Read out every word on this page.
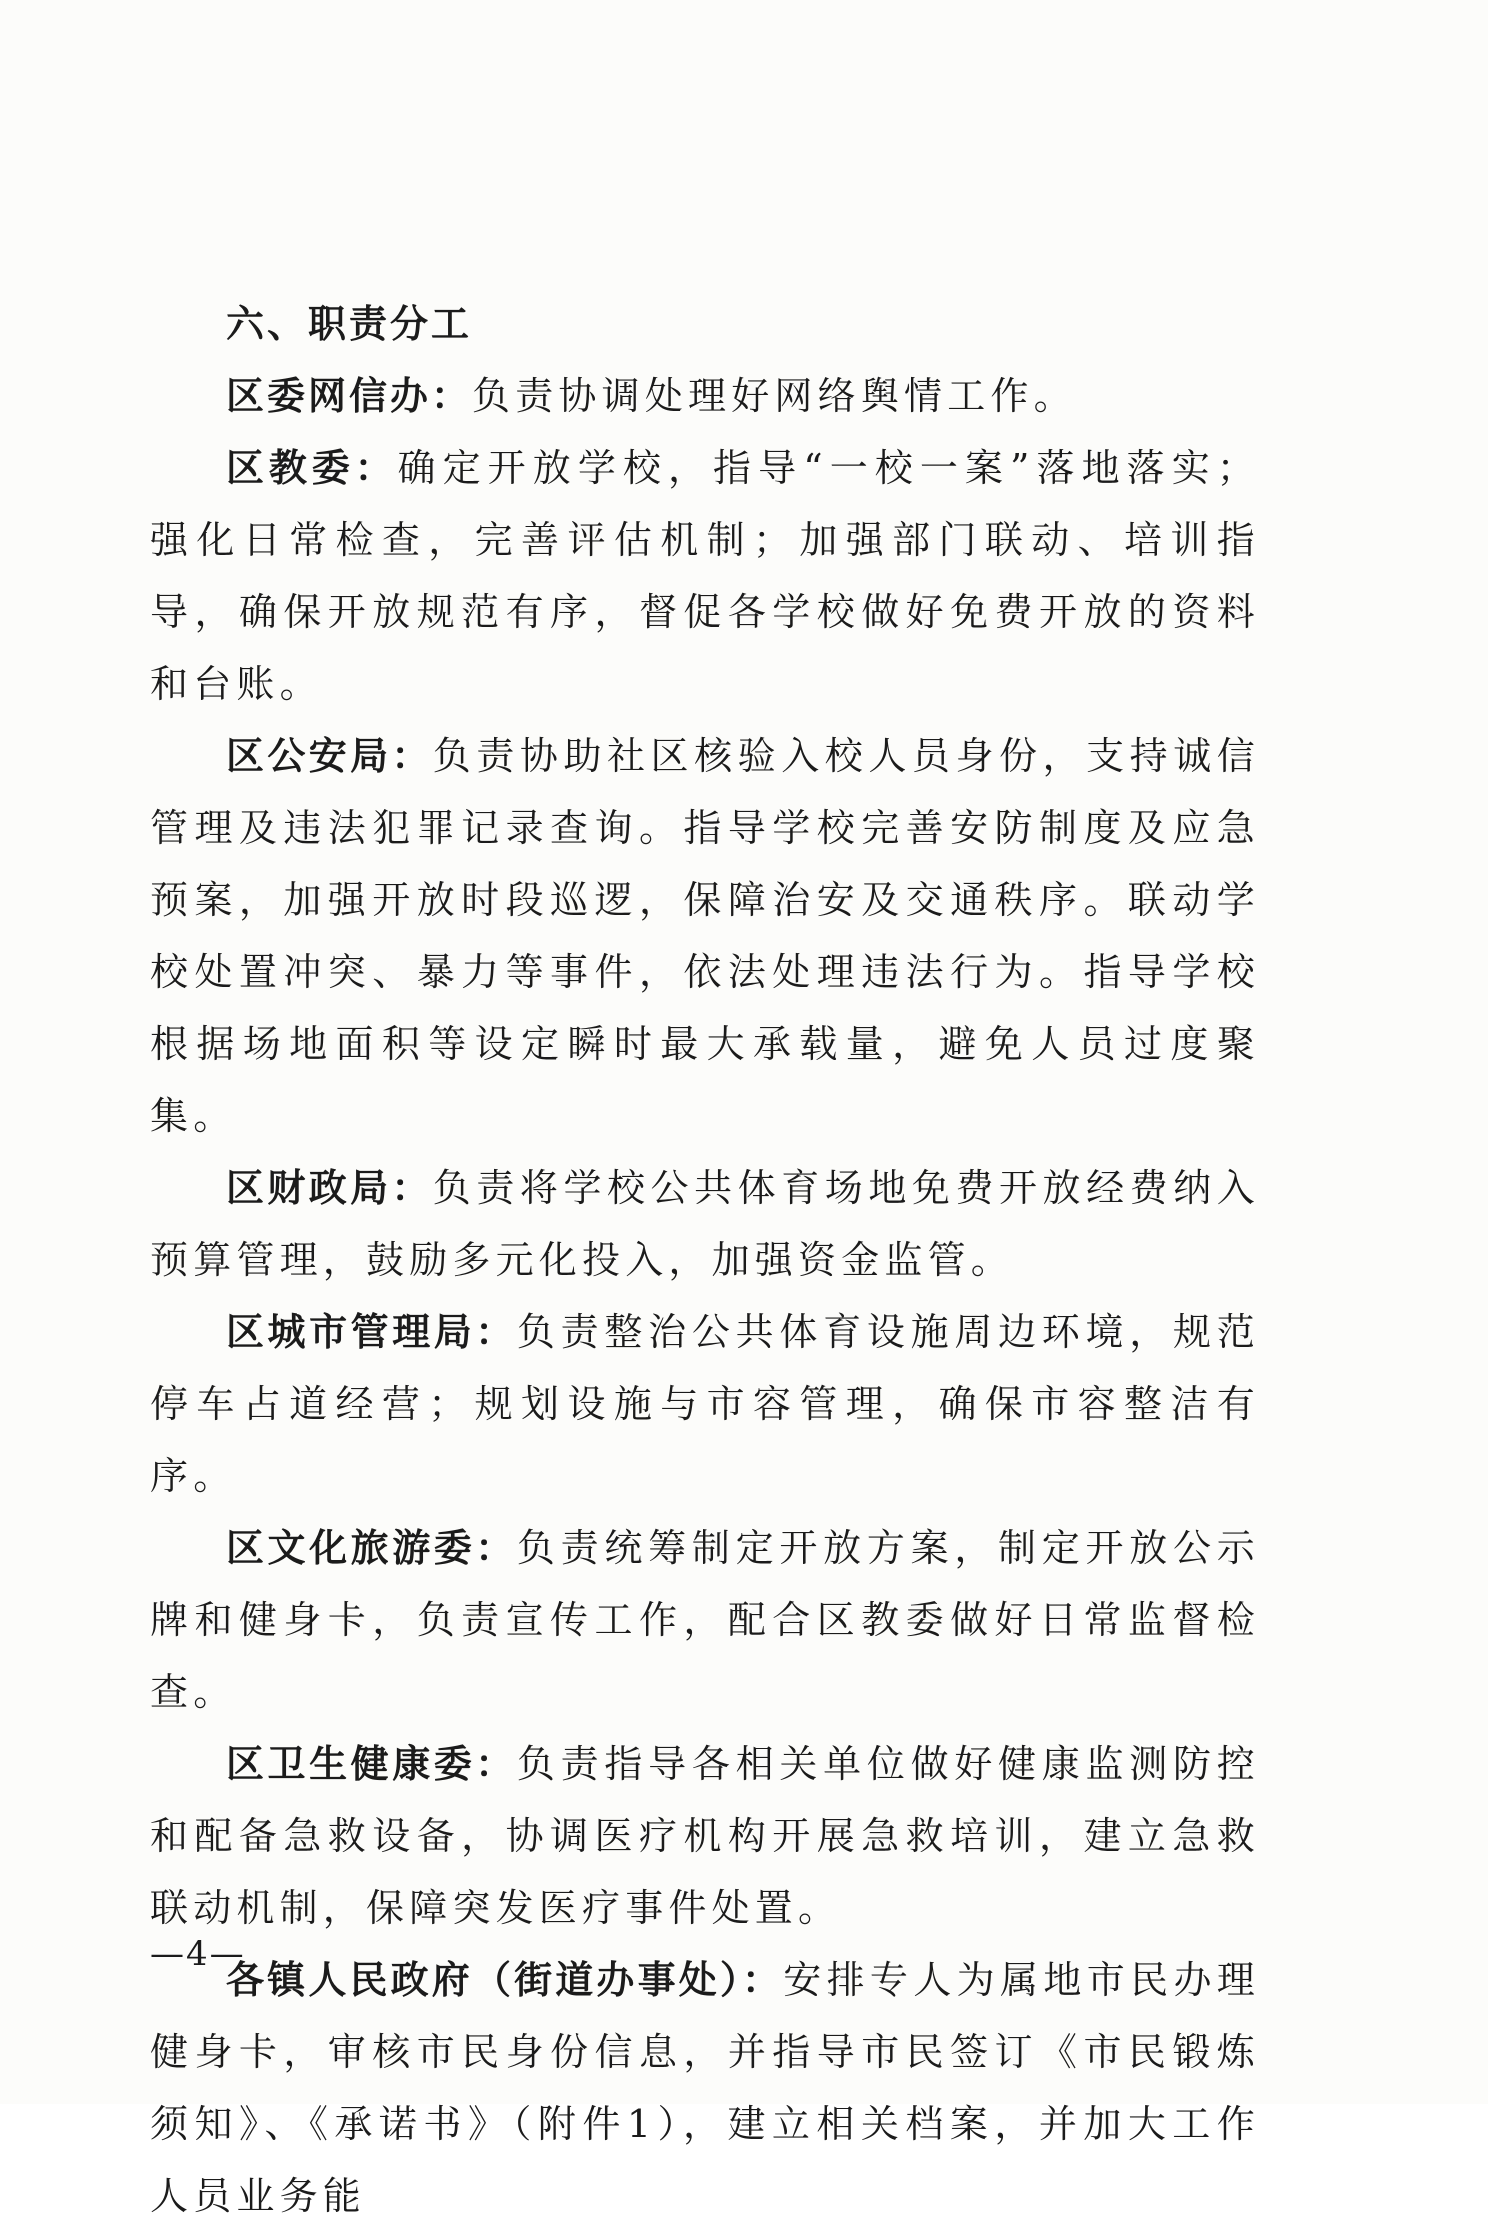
六、职责分工

区委网信办：负责协调处理好网络舆情工作。

区教委：确定开放学校，指导“一校一案”落地落实；强化日常检查，完善评估机制；加强部门联动、培训指导，确保开放规范有序，督促各学校做好免费开放的资料和台账。

区公安局：负责协助社区核验入校人员身份，支持诚信管理及违法犯罪记录查询。指导学校完善安防制度及应急预案，加强开放时段巡逻，保障治安及交通秩序。联动学校处置冲突、暴力等事件，依法处理违法行为。指导学校根据场地面积等设定瞬时最大承载量，避免人员过度聚集。

区财政局：负责将学校公共体育场地免费开放经费纳入预算管理，鼓励多元化投入，加强资金监管。

区城市管理局：负责整治公共体育设施周边环境，规范停车占道经营；规划设施与市容管理，确保市容整洁有序。

区文化旅游委：负责统筹制定开放方案，制定开放公示牌和健身卡，负责宣传工作，配合区教委做好日常监督检查。

区卫生健康委：负责指导各相关单位做好健康监测防控和配备急救设备，协调医疗机构开展急救培训，建立急救联动机制，保障突发医疗事件处置。

各镇人民政府（街道办事处）：安排专人为属地市民办理健身卡，审核市民身份信息，并指导市民签订《市民锻炼须知》、《承诺书》（附件1），建立相关档案，并加大工作人员业务能

—4—
